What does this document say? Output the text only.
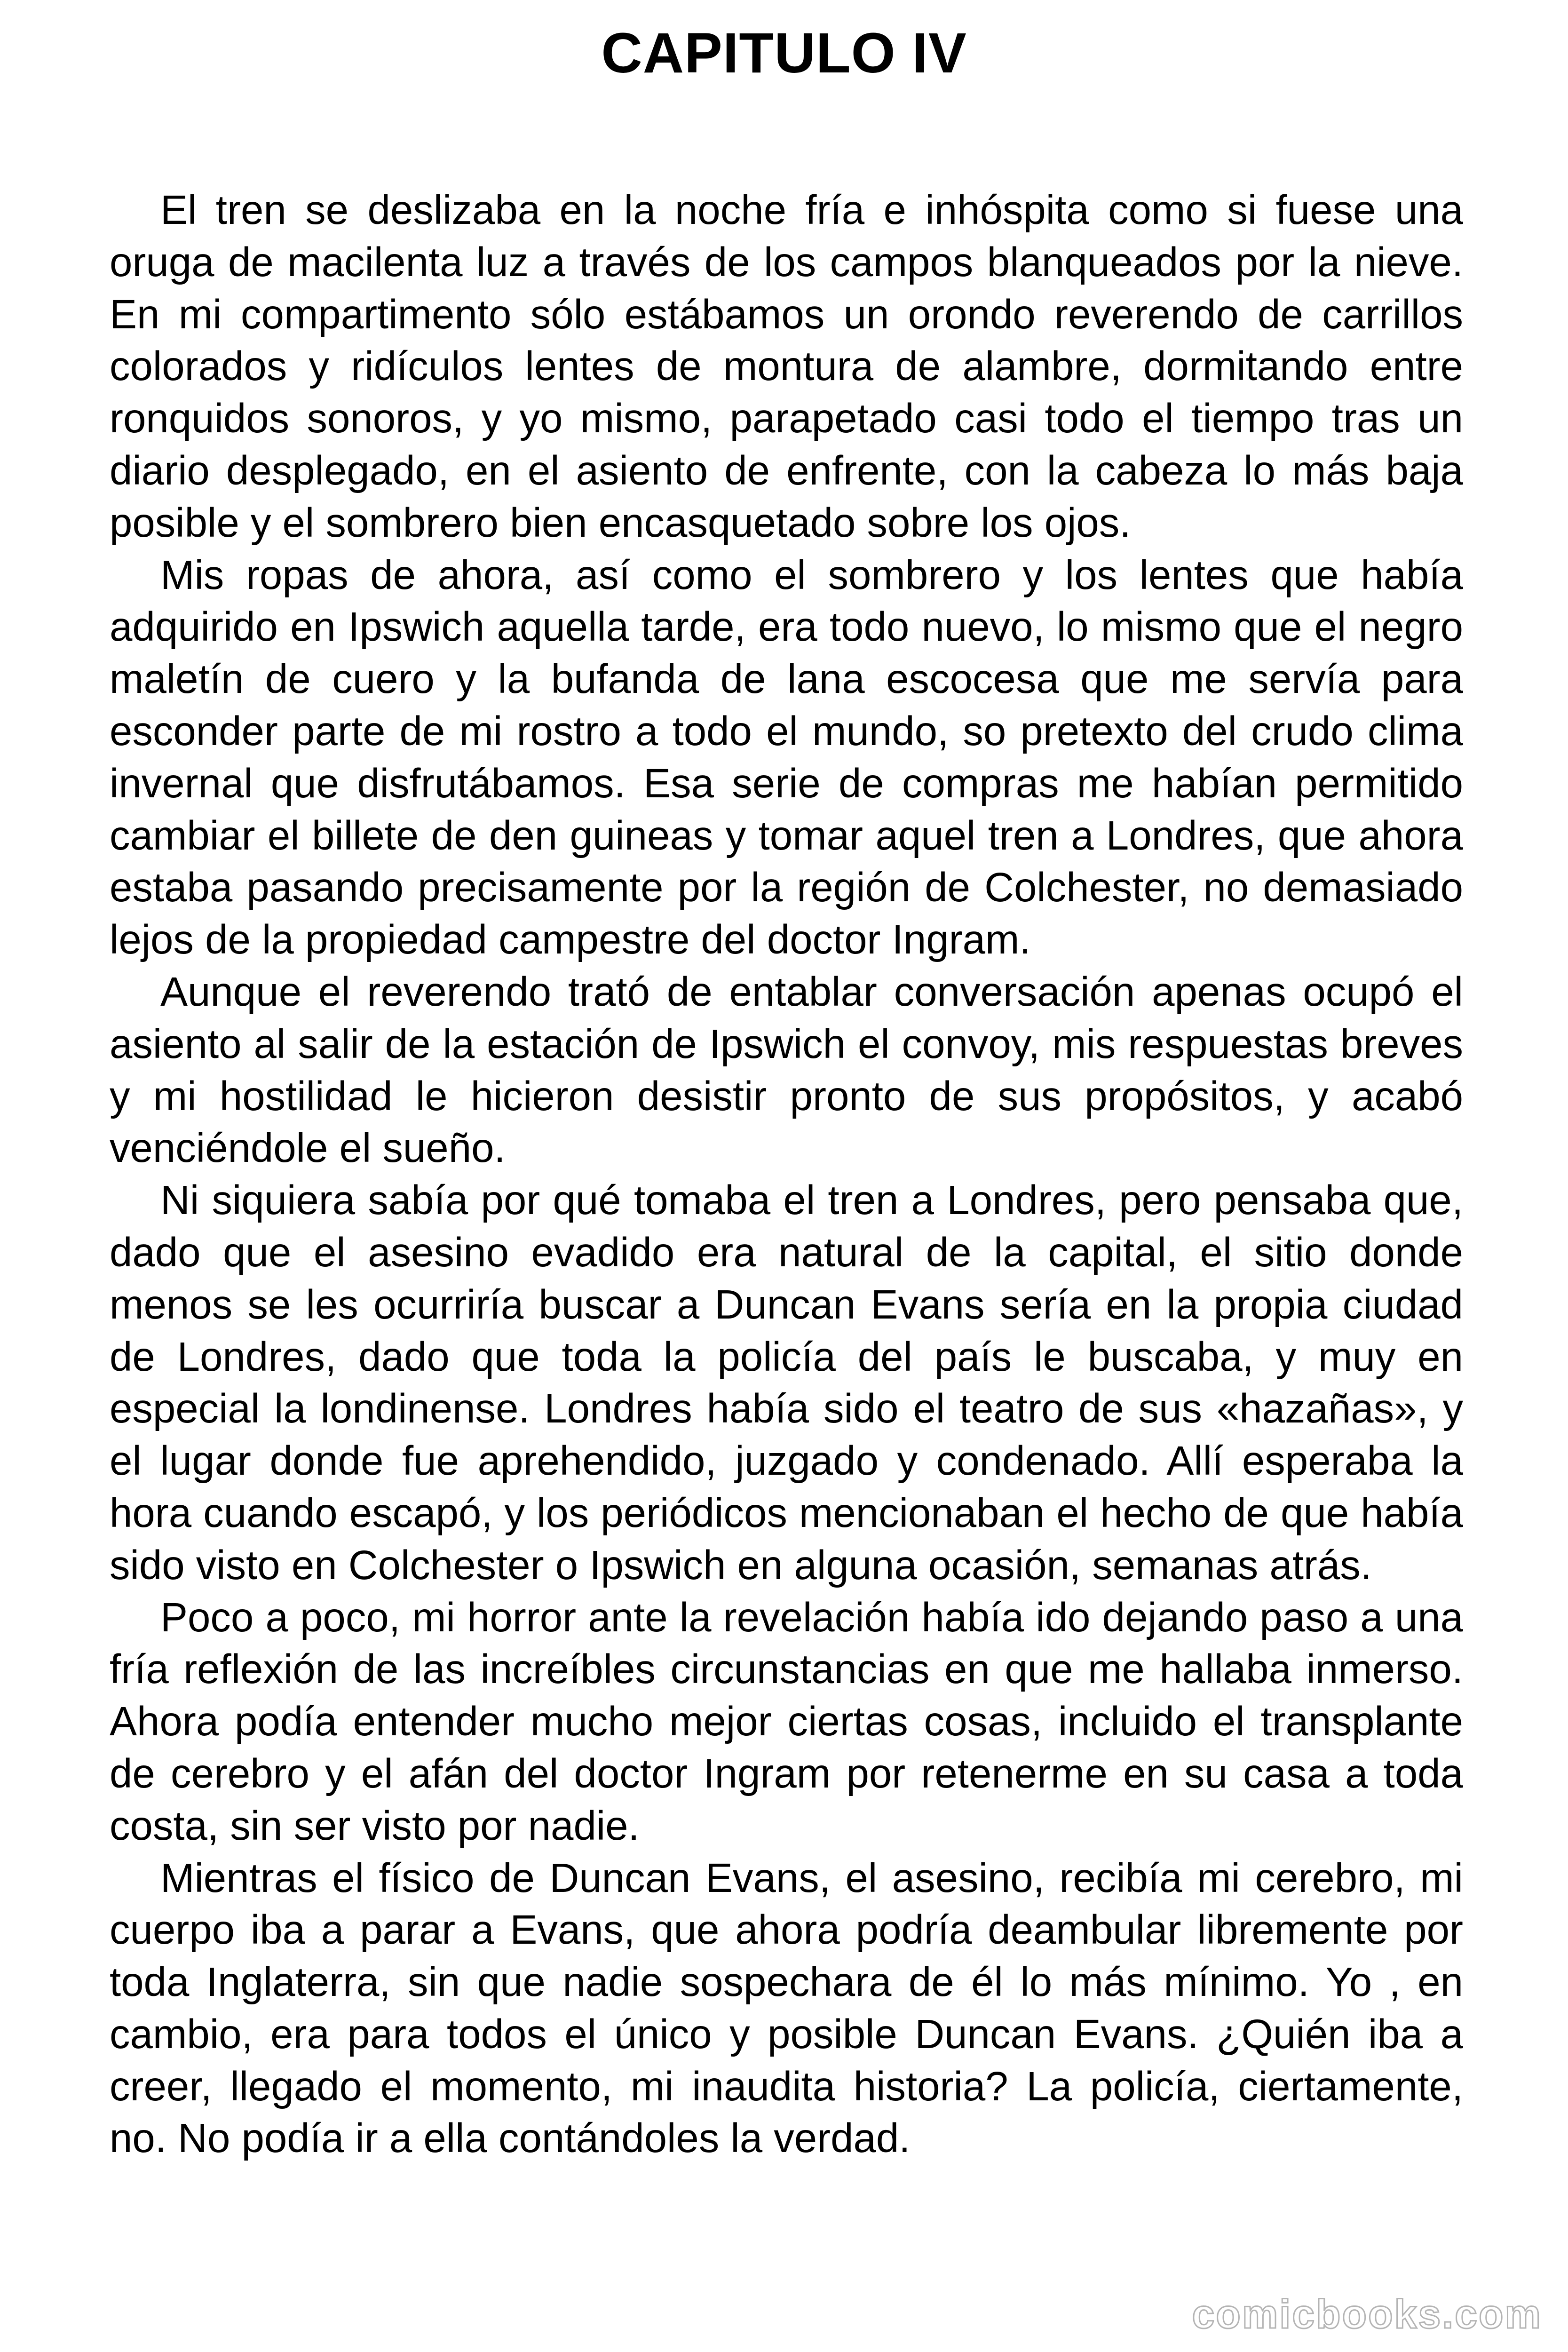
CAPITULO IV

El tren se deslizaba en la noche fría e inhóspita como si fuese una oruga de macilenta luz a través de los campos blanqueados por la nieve. En mi compartimento sólo estábamos un orondo reverendo de carrillos colorados y ridículos lentes de montura de alambre, dormitando entre ronquidos sonoros, y yo mismo, parapetado casi todo el tiempo tras un diario desplegado, en el asiento de enfrente, con la cabeza lo más baja posible y el sombrero bien encasquetado sobre los ojos.

Mis ropas de ahora, así como el sombrero y los lentes que había adquirido en Ipswich aquella tarde, era todo nuevo, lo mismo que el negro maletín de cuero y la bufanda de lana escocesa que me servía para esconder parte de mi rostro a todo el mundo, so pretexto del crudo clima invernal que disfrutábamos. Esa serie de compras me habían permitido cambiar el billete de den guineas y tomar aquel tren a Londres, que ahora estaba pasando precisamente por la región de Colchester, no demasiado lejos de la propiedad campestre del doctor Ingram.

Aunque el reverendo trató de entablar conversación apenas ocupó el asiento al salir de la estación de Ipswich el convoy, mis respuestas breves y mi hostilidad le hicieron desistir pronto de sus propósitos, y acabó venciéndole el sueño.

Ni siquiera sabía por qué tomaba el tren a Londres, pero pensaba que, dado que el asesino evadido era natural de la capital, el sitio donde menos se les ocurriría buscar a Duncan Evans sería en la propia ciudad de Londres, dado que toda la policía del país le buscaba, y muy en especial la londinense. Londres había sido el teatro de sus «hazañas», y el lugar donde fue aprehendido, juzgado y condenado. Allí esperaba la hora cuando escapó, y los periódicos mencionaban el hecho de que había sido visto en Colchester o Ipswich en alguna ocasión, semanas atrás.

Poco a poco, mi horror ante la revelación había ido dejando paso a una fría reflexión de las increíbles circunstancias en que me hallaba inmerso. Ahora podía entender mucho mejor ciertas cosas, incluido el transplante de cerebro y el afán del doctor Ingram por retenerme en su casa a toda costa, sin ser visto por nadie.

Mientras el físico de Duncan Evans, el asesino, recibía mi cerebro, mi cuerpo iba a parar a Evans, que ahora podría deambular libremente por toda Inglaterra, sin que nadie sospechara de él lo más mínimo. Yo , en cambio, era para todos el único y posible Duncan Evans. ¿Quién iba a creer, llegado el momento, mi inaudita historia? La policía, ciertamente, no. No podía ir a ella contándoles la verdad.

comicbooks.com
